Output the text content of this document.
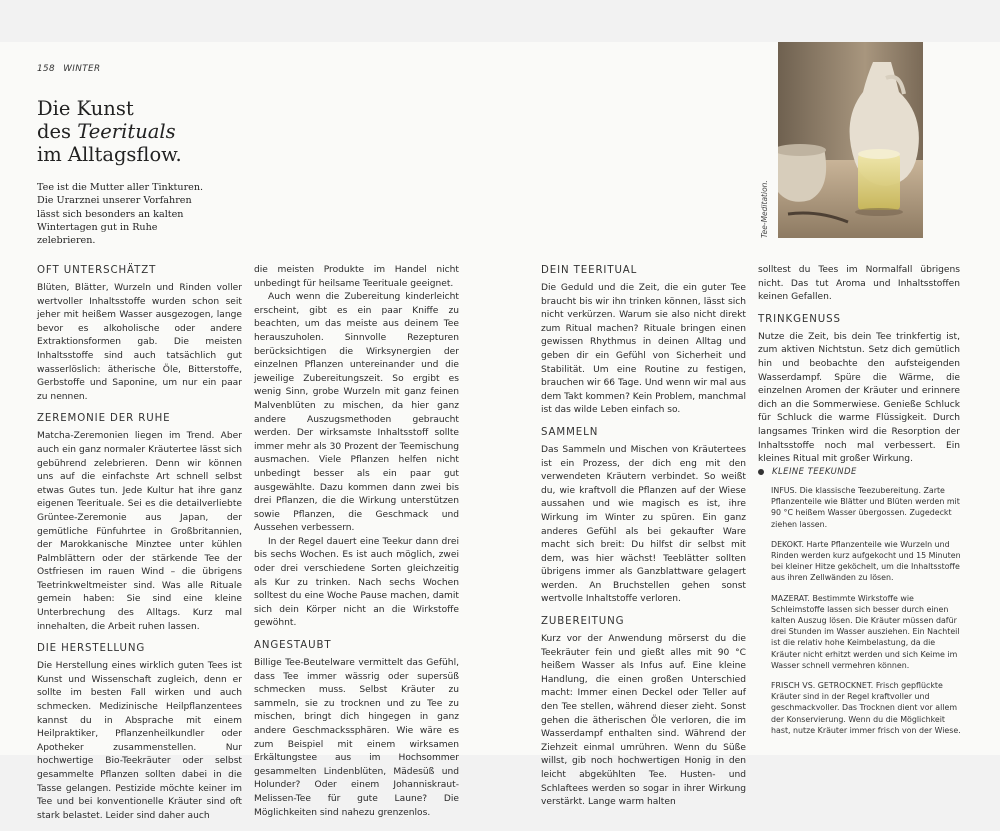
158 WINTER
Die Kunst
des Teerituals
im Alltagsflow.
Tee ist die Mutter aller Tinkturen. Die Urarznei unserer Vorfahren lässt sich besonders an kalten Wintertagen gut in Ruhe zelebrieren.
OFT UNTERSCHÄTZT

Blüten, Blätter, Wurzeln und Rinden voller wertvoller Inhaltsstoffe wurden schon seit jeher mit heißem Wasser ausgezogen, lange bevor es alkoholische oder andere Extraktionsformen gab. Die meisten Inhaltsstoffe sind auch tatsächlich gut wasserlöslich: ätherische Öle, Bitterstoffe, Gerbstoffe und Saponine, um nur ein paar zu nennen.

ZEREMONIE DER RUHE

Matcha-Zeremonien liegen im Trend. Aber auch ein ganz normaler Kräutertee lässt sich gebührend zelebrieren. Denn wir können uns auf die einfachste Art schnell selbst etwas Gutes tun. Jede Kultur hat ihre ganz eigenen Teerituale. Sei es die detailverliebte Grüntee-Zeremonie aus Japan, der gemütliche Fünfuhrtee in Großbritannien, der Marokkanische Minztee unter kühlen Palmblättern oder der stärkende Tee der Ostfriesen im rauen Wind – die übrigens Teetrinkweltmeister sind. Was alle Rituale gemein haben: Sie sind eine kleine Unterbrechung des Alltags. Kurz mal innehalten, die Arbeit ruhen lassen.

DIE HERSTELLUNG

Die Herstellung eines wirklich guten Tees ist Kunst und Wissenschaft zugleich, denn er sollte im besten Fall wirken und auch schmecken. Medizinische Heilpflanzentees kannst du in Absprache mit einem Heilpraktiker, Pflanzenheilkundler oder Apotheker zusammenstellen. Nur hochwertige Bio-Teekräuter oder selbst gesammelte Pflanzen sollten dabei in die Tasse gelangen. Pestizide möchte keiner im Tee und bei konventionelle Kräuter sind oft stark belastet. Leider sind daher auch

die meisten Produkte im Handel nicht unbedingt für heilsame Teerituale geeignet.

Auch wenn die Zubereitung kinderleicht erscheint, gibt es ein paar Kniffe zu beachten, um das meiste aus deinem Tee herauszuholen. Sinnvolle Rezepturen berücksichtigen die Wirksynergien der einzelnen Pflanzen untereinander und die jeweilige Zubereitungszeit. So ergibt es wenig Sinn, grobe Wurzeln mit ganz feinen Malvenblüten zu mischen, da hier ganz andere Auszugsmethoden gebraucht werden. Der wirksamste Inhaltsstoff sollte immer mehr als 30 Prozent der Teemischung ausmachen. Viele Pflanzen helfen nicht unbedingt besser als ein paar gut ausgewählte. Dazu kommen dann zwei bis drei Pflanzen, die die Wirkung unterstützen sowie Pflanzen, die Geschmack und Aussehen verbessern.

In der Regel dauert eine Teekur dann drei bis sechs Wochen. Es ist auch möglich, zwei oder drei verschiedene Sorten gleichzeitig als Kur zu trinken. Nach sechs Wochen solltest du eine Woche Pause machen, damit sich dein Körper nicht an die Wirkstoffe gewöhnt.

ANGESTAUBT

Billige Tee-Beutelware vermittelt das Gefühl, dass Tee immer wässrig oder supersüß schmecken muss. Selbst Kräuter zu sammeln, sie zu trocknen und zu Tee zu mischen, bringt dich hingegen in ganz andere Geschmackssphären. Wie wäre es zum Beispiel mit einem wirksamen Erkältungstee aus im Hochsommer gesammelten Lindenblüten, Mädesüß und Holunder? Oder einem Johanniskraut-Melissen-Tee für gute Laune? Die Möglichkeiten sind nahezu grenzenlos.

DEIN TEERITUAL

Die Geduld und die Zeit, die ein guter Tee braucht bis wir ihn trinken können, lässt sich nicht verkürzen. Warum sie also nicht direkt zum Ritual machen? Rituale bringen einen gewissen Rhythmus in deinen Alltag und geben dir ein Gefühl von Sicherheit und Stabilität. Um eine Routine zu festigen, brauchen wir 66 Tage. Und wenn wir mal aus dem Takt kommen? Kein Problem, manchmal ist das wilde Leben einfach so.

SAMMELN

Das Sammeln und Mischen von Kräutertees ist ein Prozess, der dich eng mit den verwendeten Kräutern verbindet. So weißt du, wie kraftvoll die Pflanzen auf der Wiese aussahen und wie magisch es ist, ihre Wirkung im Winter zu spüren. Ein ganz anderes Gefühl als bei gekaufter Ware macht sich breit: Du hilfst dir selbst mit dem, was hier wächst! Teeblätter sollten übrigens immer als Ganzblattware gelagert werden. An Bruchstellen gehen sonst wertvolle Inhaltstoffe verloren.

ZUBEREITUNG

Kurz vor der Anwendung mörserst du die Teekräuter fein und gießt alles mit 90 °C heißem Wasser als Infus auf. Eine kleine Handlung, die einen großen Unterschied macht: Immer einen Deckel oder Teller auf den Tee stellen, während dieser zieht. Sonst gehen die ätherischen Öle verloren, die im Wasserdampf enthalten sind. Während der Ziehzeit einmal umrühren. Wenn du Süße willst, gib noch hochwertigen Honig in den leicht abgekühlten Tee. Husten- und Schlaftees werden so sogar in ihrer Wirkung verstärkt. Lange warm halten

Tee-Meditation.

solltest du Tees im Normalfall übrigens nicht. Das tut Aroma und Inhaltsstoffen keinen Gefallen.

TRINKGENUSS

Nutze die Zeit, bis dein Tee trinkfertig ist, zum aktiven Nichtstun. Setz dich gemütlich hin und beobachte den aufsteigenden Wasserdampf. Spüre die Wärme, die einzelnen Aromen der Kräuter und erinnere dich an die Sommerwiese. Genieße Schluck für Schluck die warme Flüssigkeit. Durch langsames Trinken wird die Resorption der Inhaltsstoffe noch mal verbessert. Ein kleines Ritual mit großer Wirkung.

KLEINE TEEKUNDE

INFUS. Die klassische Teezubereitung. Zarte Pflanzenteile wie Blätter und Blüten werden mit 90 °C heißem Wasser übergossen. Zugedeckt ziehen lassen.

DEKOKT. Harte Pflanzenteile wie Wurzeln und Rinden werden kurz aufgekocht und 15 Minuten bei kleiner Hitze geköchelt, um die Inhaltsstoffe aus ihren Zellwänden zu lösen.

MAZERAT. Bestimmte Wirkstoffe wie Schleimstoffe lassen sich besser durch einen kalten Auszug lösen. Die Kräuter müssen dafür drei Stunden im Wasser ausziehen. Ein Nachteil ist die relativ hohe Keimbelastung, da die Kräuter nicht erhitzt werden und sich Keime im Wasser schnell vermehren können.

FRISCH VS. GETROCKNET. Frisch gepflückte Kräuter sind in der Regel kraftvoller und geschmackvoller. Das Trocknen dient vor allem der Konservierung. Wenn du die Möglichkeit hast, nutze Kräuter immer frisch von der Wiese.
